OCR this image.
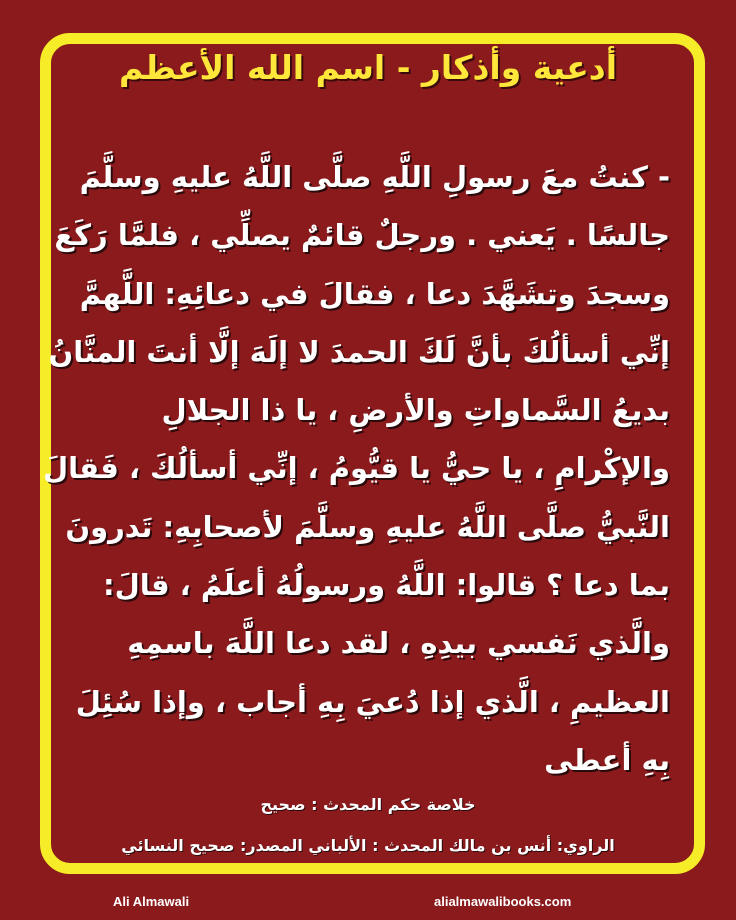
أدعية وأذكار - اسم الله الأعظم
- كنتُ معَ رسولِ اللَّهِ صلَّى اللَّهُ عليهِ وسلَّمَ
جالسًا . يَعني . ورجلٌ قائمٌ يصلِّي ، فلمَّا رَكَعَ
وسجدَ وتشَهَّدَ دعا ، فقالَ في دعائِهِ: اللَّهمَّ
إنِّي أسألُكَ بأنَّ لَكَ الحمدَ لا إلَهَ إلَّا أنتَ المنَّانُ
بديعُ السَّماواتِ والأرضِ ، يا ذا الجلالِ
والإكْرامِ ، يا حيُّ يا قيُّومُ ، إنِّي أسألُكَ ، فَقالَ
النَّبيُّ صلَّى اللَّهُ عليهِ وسلَّمَ لأصحابِهِ: تَدرونَ
بما دعا ؟ قالوا: اللَّهُ ورسولُهُ أعلَمُ ، قالَ:
والَّذي نَفسي بيدِهِ ، لقد دعا اللَّهَ باسمِهِ
العظيمِ ، الَّذي إذا دُعيَ بِهِ أجاب ، وإذا سُئِلَ
بِهِ أعطى
خلاصة حكم المحدث : صحيح
الراوي: أنس بن مالك المحدث : الألباني المصدر: صحيح النسائي
Ali Almawali	alialmawalibooks.com
